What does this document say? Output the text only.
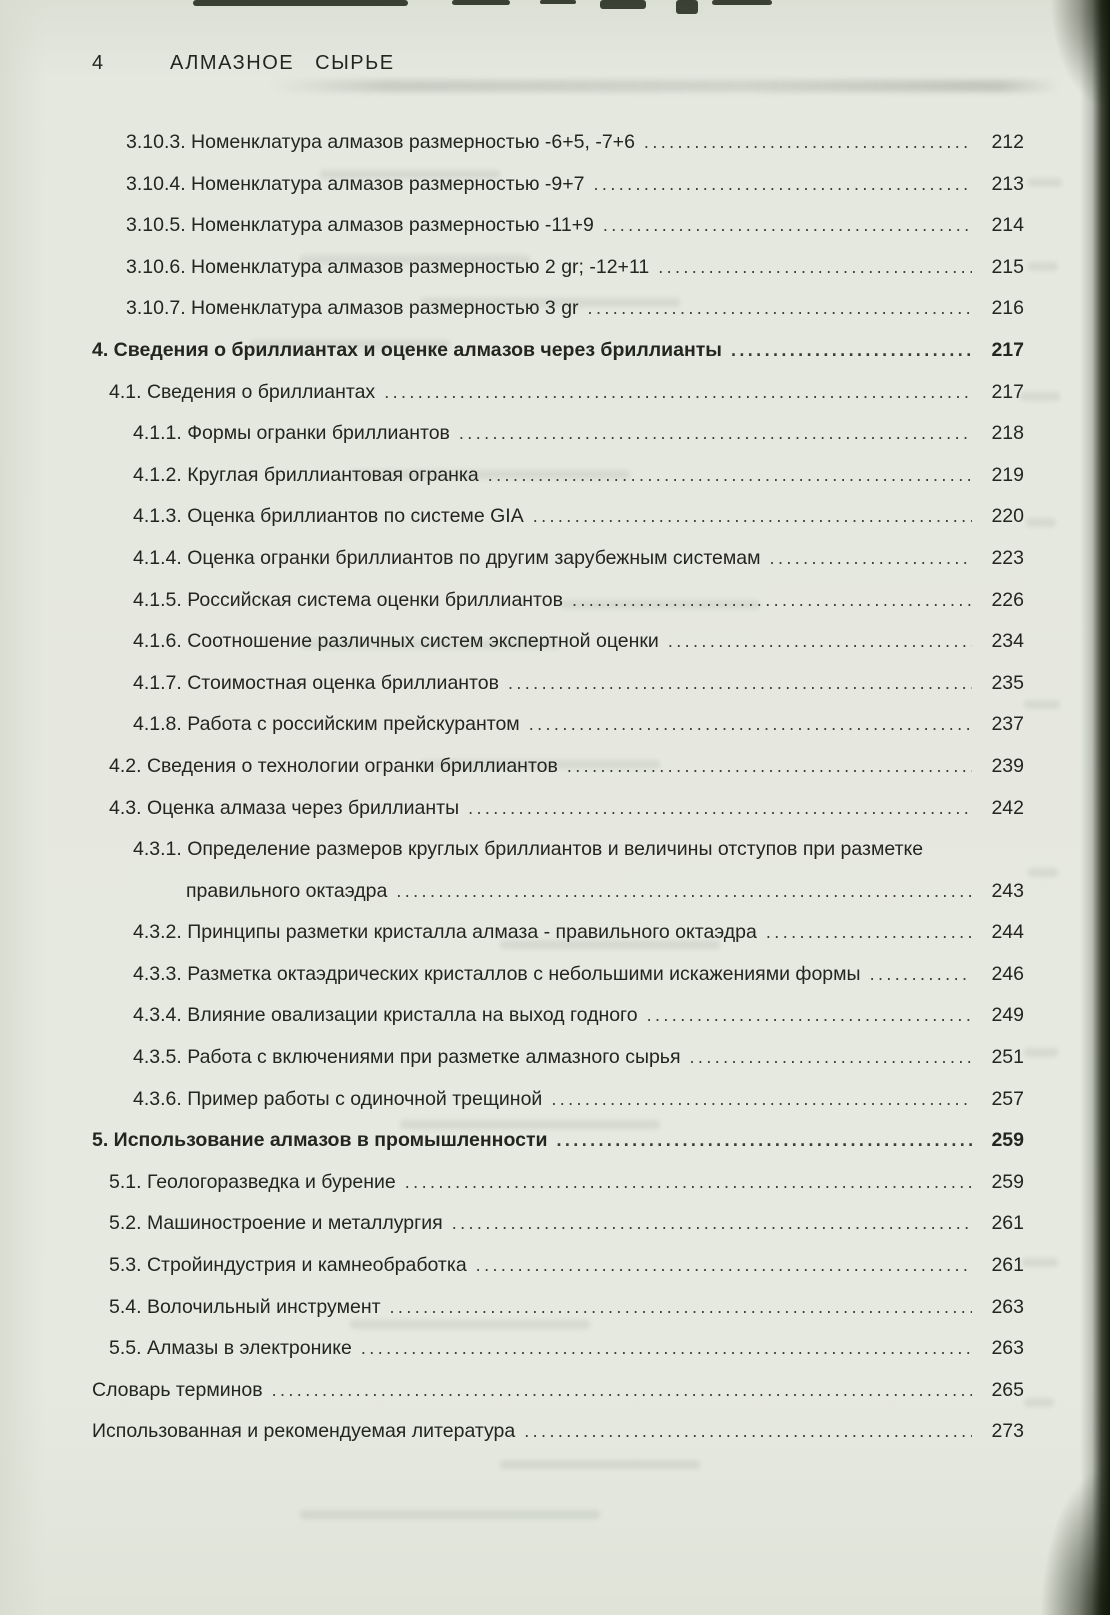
4	АЛМАЗНОЕ СЫРЬЕ
3.10.3. Номенклатура алмазов размерностью -6+5, -7+6 .....	212
3.10.4. Номенклатура алмазов размерностью -9+7 .....	213
3.10.5. Номенклатура алмазов размерностью -11+9 .....	214
3.10.6. Номенклатура алмазов размерностью 2 gr; -12+11 .....	215
3.10.7. Номенклатура алмазов размерностью 3 gr .....	216
4. Сведения о бриллиантах и оценке алмазов через бриллианты .....	217
4.1. Сведения о бриллиантах .....	217
4.1.1. Формы огранки бриллиантов .....	218
4.1.2. Круглая бриллиантовая огранка .....	219
4.1.3. Оценка бриллиантов по системе GIA .....	220
4.1.4. Оценка огранки бриллиантов по другим зарубежным системам .....	223
4.1.5. Российская система оценки бриллиантов .....	226
4.1.6. Соотношение различных систем экспертной оценки .....	234
4.1.7. Стоимостная оценка бриллиантов .....	235
4.1.8. Работа с российским прейскурантом .....	237
4.2. Сведения о технологии огранки бриллиантов .....	239
4.3. Оценка алмаза через бриллианты .....	242
4.3.1. Определение размеров круглых бриллиантов и величины отступов при разметке
правильного октаэдра .....	243
4.3.2. Принципы разметки кристалла алмаза - правильного октаэдра .....	244
4.3.3. Разметка октаэдрических кристаллов с небольшими искажениями формы .....	246
4.3.4. Влияние овализации кристалла на выход годного .....	249
4.3.5. Работа с включениями при разметке алмазного сырья .....	251
4.3.6. Пример работы с одиночной трещиной .....	257
5. Использование алмазов в промышленности .....	259
5.1. Геологоразведка и бурение .....	259
5.2. Машиностроение и металлургия .....	261
5.3. Стройиндустрия и камнеобработка .....	261
5.4. Волочильный инструмент .....	263
5.5. Алмазы в электронике .....	263
Словарь терминов .....	265
Использованная и рекомендуемая литература .....	273
